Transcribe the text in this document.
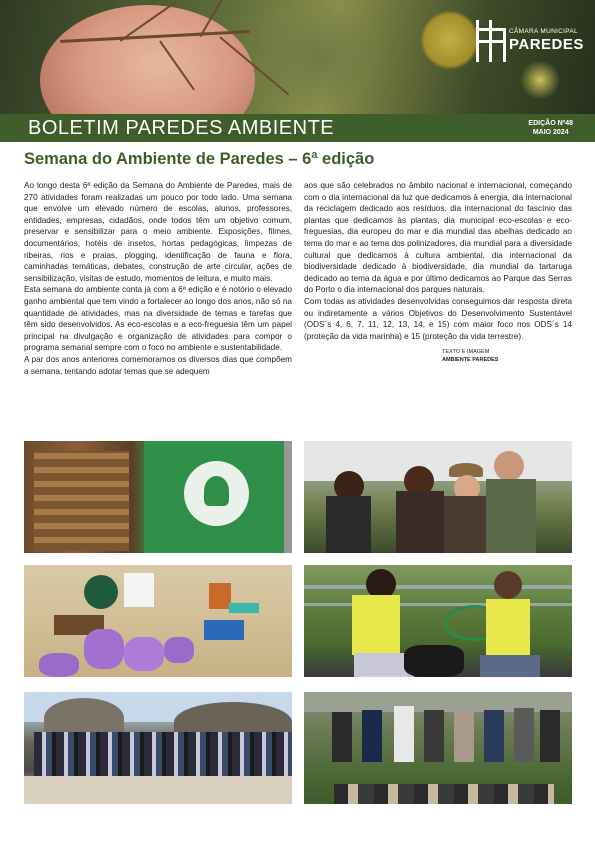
CÂMARA MUNICIPAL
PAREDES
BOLETIM PAREDES AMBIENTE	EDIÇÃO Nº48
MAIO 2024
Semana do Ambiente de Paredes – 6ª edição

Ao longo desta 6ª edição da Semana do Ambiente de Paredes, mais de 270 atividades foram realizadas um pouco por todo lado. Uma semana que envolve um elevado número de escolas, alunos, professores, entidades, empresas, cidadãos, onde todos têm um objetivo comum, preservar e sensibilizar para o meio ambiente. Exposições, filmes, documentários, hotéis de insetos, hortas pedagógicas, limpezas de ribeiras, rios e praias, plogging, identificação de fauna e flora, caminhadas temáticas, debates, construção de arte circular, ações de sensibilização, visitas de estudo, momentos de leitura, e muito mais.

Esta semana do ambiente conta já com a 6ª edição e é notório o elevado ganho ambiental que tem vindo a fortalecer ao longo dos anos, não só na quantidade de atividades, mas na diversidade de temas e tarefas que têm sido desenvolvidos. As eco-escolas e a eco-freguesia têm um papel principal na divulgação e organização de atividades para compor o programa semanal sempre com o foco no ambiente e sustentabilidade.

A par dos anos anteriores comemoramos os diversos dias que compõem a semana, tentando adotar temas que se adequem

aos que são celebrados no âmbito nacional e internacional, começando com o dia internacional da luz que dedicamos à energia, dia internacional da reciclagem dedicado aos resíduos, dia internacional do fascínio das plantas que dedicamos às plantas, dia municipal eco-escolas e eco-freguesias, dia europeu do mar e dia mundial das abelhas dedicado ao tema do mar e ao tema dos polinizadores, dia mundial para a diversidade cultural que dedicamos à cultura ambiental, dia internacional da biodiversidade dedicado à biodiversidade, dia mundial da tartaruga dedicado ao tema da água e por último dedicamos ao Parque das Serras do Porto o dia internacional dos parques naturais.

Com todas as atividades desenvolvidas conseguimos dar resposta direta ou indiretamente a vários Objetivos do Desenvolvimento Sustentável (ODS´s 4, 6, 7, 11, 12, 13, 14, e 15) com maior foco nos ODS´s 14 (proteção da vida marinha) e 15 (proteção da vida terrestre).

TEXTO E IMAGEM
AMBIENTE PAREDES
